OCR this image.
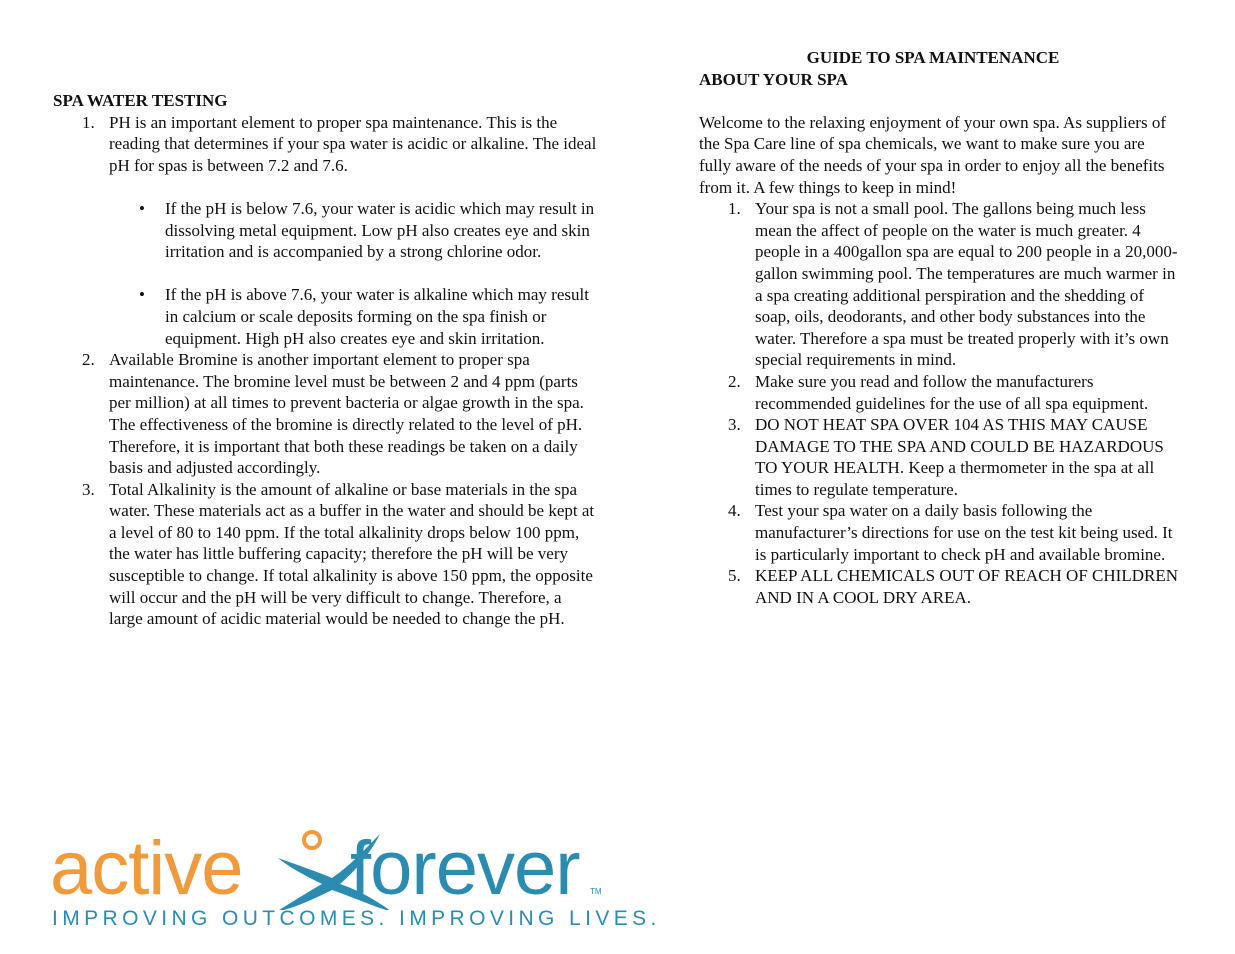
SPA WATER TESTING
1. PH is an important element to proper spa maintenance. This is the reading that determines if your spa water is acidic or alkaline. The ideal pH for spas is between 7.2 and 7.6.

• If the pH is below 7.6, your water is acidic which may result in dissolving metal equipment. Low pH also creates eye and skin irritation and is accompanied by a strong chlorine odor.
• If the pH is above 7.6, your water is alkaline which may result in calcium or scale deposits forming on the spa finish or equipment. High pH also creates eye and skin irritation.
2. Available Bromine is another important element to proper spa maintenance. The bromine level must be between 2 and 4 ppm (parts per million) at all times to prevent bacteria or algae growth in the spa. The effectiveness of the bromine is directly related to the level of pH. Therefore, it is important that both these readings be taken on a daily basis and adjusted accordingly.

3. Total Alkalinity is the amount of alkaline or base materials in the spa water. These materials act as a buffer in the water and should be kept at a level of 80 to 140 ppm. If the total alkalinity drops below 100 ppm, the water has little buffering capacity; therefore the pH will be very susceptible to change. If total alkalinity is above 150 ppm, the opposite will occur and the pH will be very difficult to change. Therefore, a large amount of acidic material would be needed to change the pH.

GUIDE TO SPA MAINTENANCE
ABOUT YOUR SPA

Welcome to the relaxing enjoyment of your own spa. As suppliers of the Spa Care line of spa chemicals, we want to make sure you are fully aware of the needs of your spa in order to enjoy all the benefits from it. A few things to keep in mind!

1. Your spa is not a small pool. The gallons being much less mean the affect of people on the water is much greater. 4 people in a 400gallon spa are equal to 200 people in a 20,000-gallon swimming pool. The temperatures are much warmer in a spa creating additional perspiration and the shedding of soap, oils, deodorants, and other body substances into the water. Therefore a spa must be treated properly with it’s own special requirements in mind.

2. Make sure you read and follow the manufacturers recommended guidelines for the use of all spa equipment.

3. DO NOT HEAT SPA OVER 104 AS THIS MAY CAUSE DAMAGE TO THE SPA AND COULD BE HAZARDOUS TO YOUR HEALTH. Keep a thermometer in the spa at all times to regulate temperature.

4. Test your spa water on a daily basis following the manufacturer’s directions for use on the test kit being used. It is particularly important to check pH and available bromine.

5. KEEP ALL CHEMICALS OUT OF REACH OF CHILDREN AND IN A COOL DRY AREA.

active forever TM
IMPROVING OUTCOMES. IMPROVING LIVES.
